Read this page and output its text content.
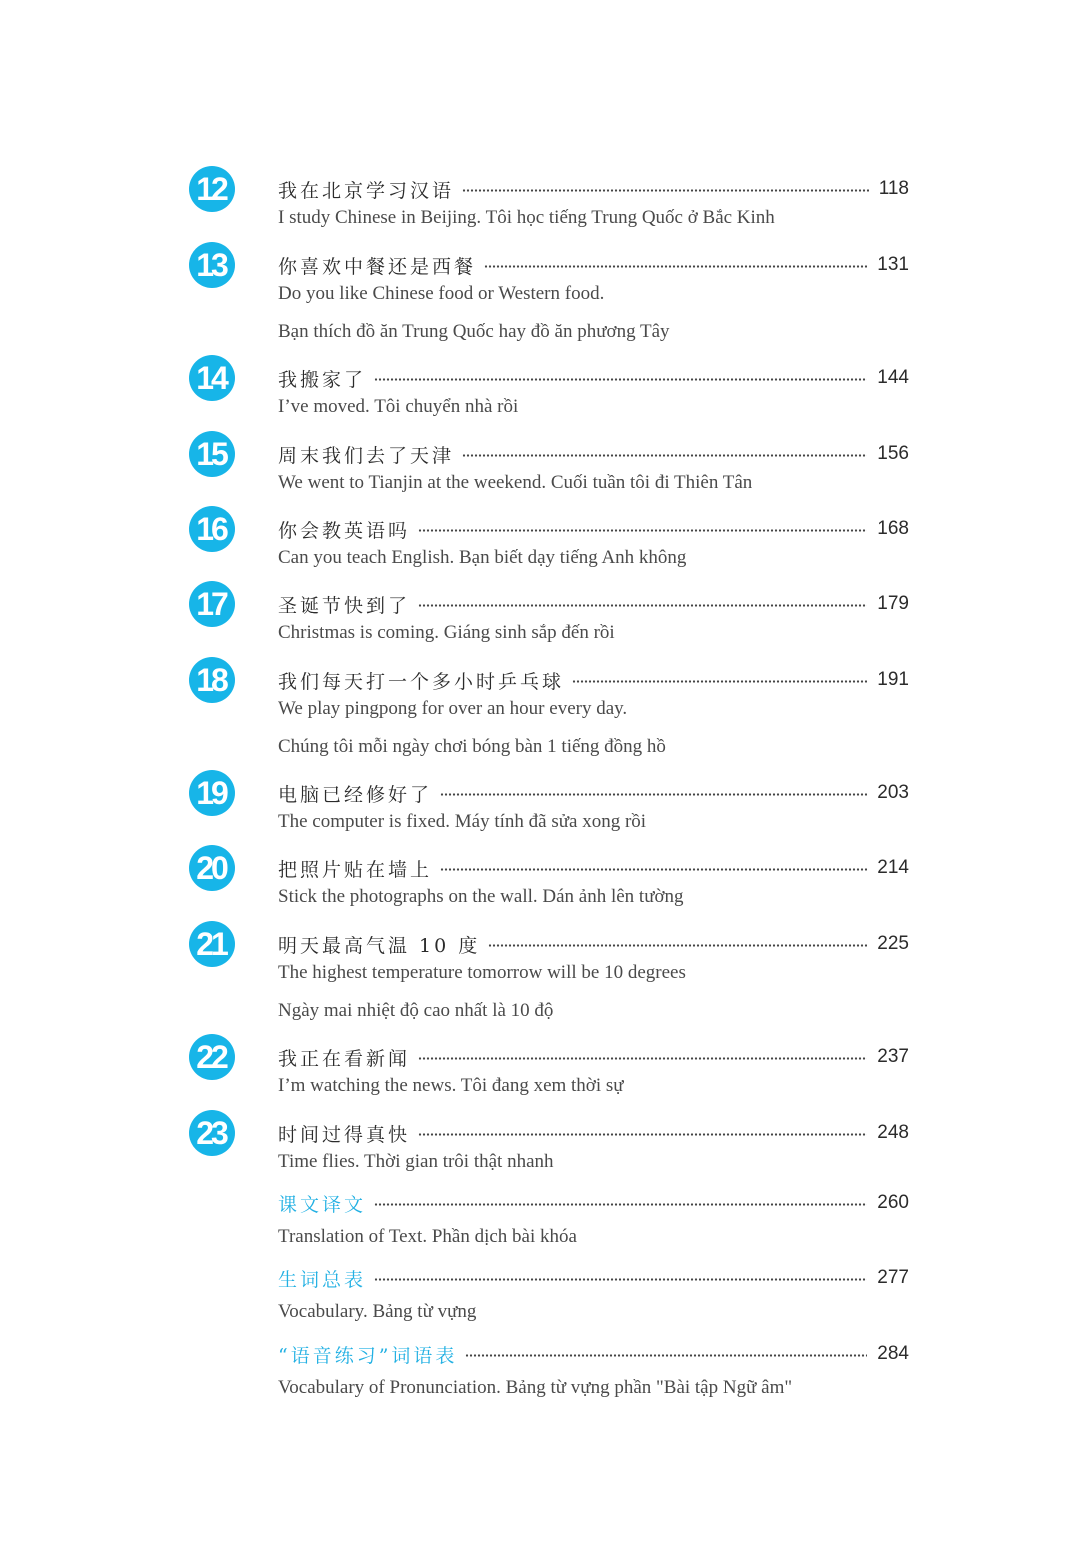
12	我在北京学习汉语	118
I study Chinese in Beijing. Tôi học tiếng Trung Quốc ở Bắc Kinh
13	你喜欢中餐还是西餐	131
Do you like Chinese food or Western food.
Bạn thích đồ ăn Trung Quốc hay đồ ăn phương Tây
14	我搬家了	144
I’ve moved. Tôi chuyển nhà rồi
15	周末我们去了天津	156
We went to Tianjin at the weekend. Cuối tuần tôi đi Thiên Tân
16	你会教英语吗	168
Can you teach English. Bạn biết dạy tiếng Anh không
17	圣诞节快到了	179
Christmas is coming. Giáng sinh sắp đến rồi
18	我们每天打一个多小时乒乓球	191
We play pingpong for over an hour every day.
Chúng tôi mỗi ngày chơi bóng bàn 1 tiếng đồng hồ
19	电脑已经修好了	203
The computer is fixed. Máy tính đã sửa xong rồi
20	把照片贴在墙上	214
Stick the photographs on the wall. Dán ảnh lên tường
21	明天最高气温 10 度	225
The highest temperature tomorrow will be 10 degrees
Ngày mai nhiệt độ cao nhất là 10 độ
22	我正在看新闻	237
I’m watching the news. Tôi đang xem thời sự
23	时间过得真快	248
Time flies. Thời gian trôi thật nhanh
课文译文	260
Translation of Text. Phần dịch bài khóa
生词总表	277
Vocabulary. Bảng từ vựng
“语音练习”词语表	284
Vocabulary of Pronunciation. Bảng từ vựng phần "Bài tập Ngữ âm"
